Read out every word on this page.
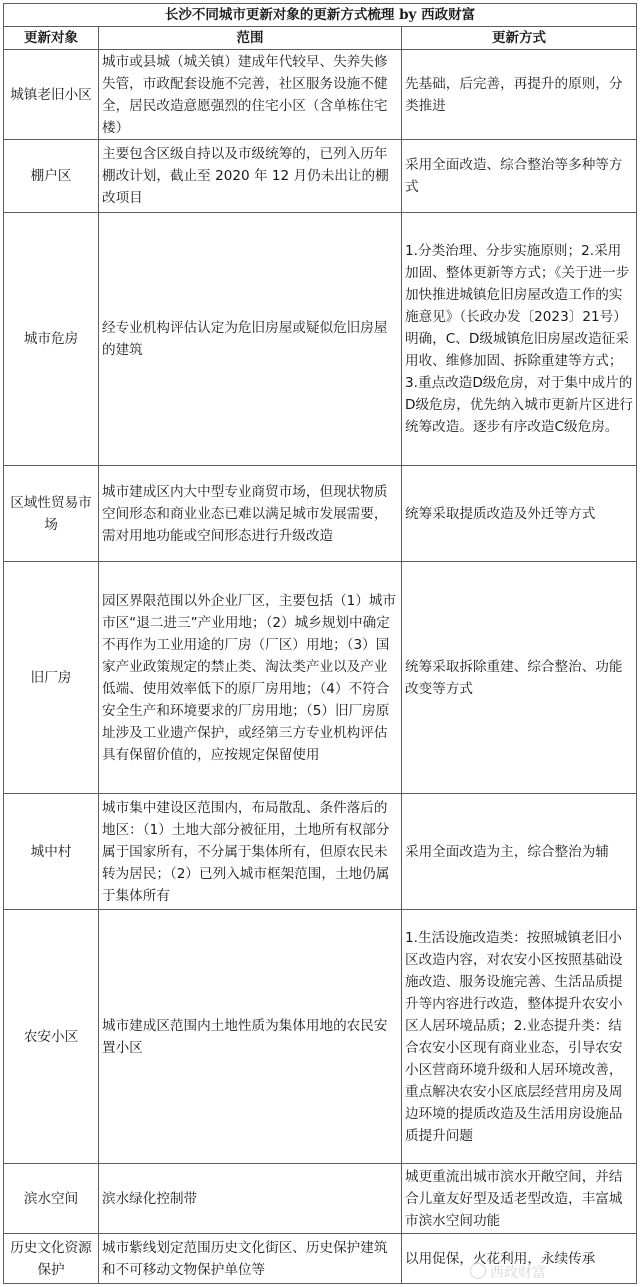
长沙不同城市更新对象的更新方式梳理 by 西政财富		
更新对象	范围	更新方式
城镇老旧小区	城市或县城（城关镇）建成年代较早、失养失修失管，市政配套设施不完善，社区服务设施不健全，居民改造意愿强烈的住宅小区（含单栋住宅楼）	先基础，后完善，再提升的原则，分类推进
棚户区	主要包含区级自持以及市级统筹的，已列入历年棚改计划，截止至 2020 年 12 月仍未出让的棚改项目	采用全面改造、综合整治等多种等方式
城市危房	经专业机构评估认定为危旧房屋或疑似危旧房屋的建筑	1.分类治理、分步实施原则；2.采用加固、整体更新等方式；《关于进一步加快推进城镇危旧房屋改造工作的实施意见》（长政办发〔2023〕21号）明确，C、D级城镇危旧房屋改造征采用收、维修加固、拆除重建等方式；3.重点改造D级危房，对于集中成片的D级危房，优先纳入城市更新片区进行统筹改造。逐步有序改造C级危房。
区域性贸易市场	城市建成区内大中型专业商贸市场，但现状物质空间形态和商业业态已难以满足城市发展需要，需对用地功能或空间形态进行升级改造	统筹采取提质改造及外迁等方式
旧厂房	园区界限范围以外企业厂区，主要包括（1）城市市区“退二进三”产业用地；（2）城乡规划中确定不再作为工业用途的厂房（厂区）用地；（3）国家产业政策规定的禁止类、淘汰类产业以及产业低端、使用效率低下的原厂房用地；（4）不符合安全生产和环境要求的厂房用地；（5）旧厂房原址涉及工业遗产保护，或经第三方专业机构评估具有保留价值的，应按规定保留使用	统筹采取拆除重建、综合整治、功能改变等方式
城中村	城市集中建设区范围内，布局散乱、条件落后的地区：（1）土地大部分被征用，土地所有权部分属于国家所有，不分属于集体所有，但原农民未转为居民；（2）已列入城市框架范围，土地仍属于集体所有	采用全面改造为主，综合整治为辅
农安小区	城市建成区范围内土地性质为集体用地的农民安置小区	1.生活设施改造类：按照城镇老旧小区改造内容，对农安小区按照基础设施改造、服务设施完善、生活品质提升等内容进行改造，整体提升农安小区人居环境品质；2.业态提升类：结合农安小区现有商业业态，引导农安小区营商环境升级和人居环境改善，重点解决农安小区底层经营用房及周边环境的提质改造及生活用房设施品质提升问题
滨水空间	滨水绿化控制带	城更重流出城市滨水开敞空间，并结合儿童友好型及适老型改造，丰富城市滨水空间功能
历史文化资源保护	城市紫线划定范围历史文化街区、历史保护建筑和不可移动文物保护单位等	以用促保，火花利用，永续传承
西政财富
